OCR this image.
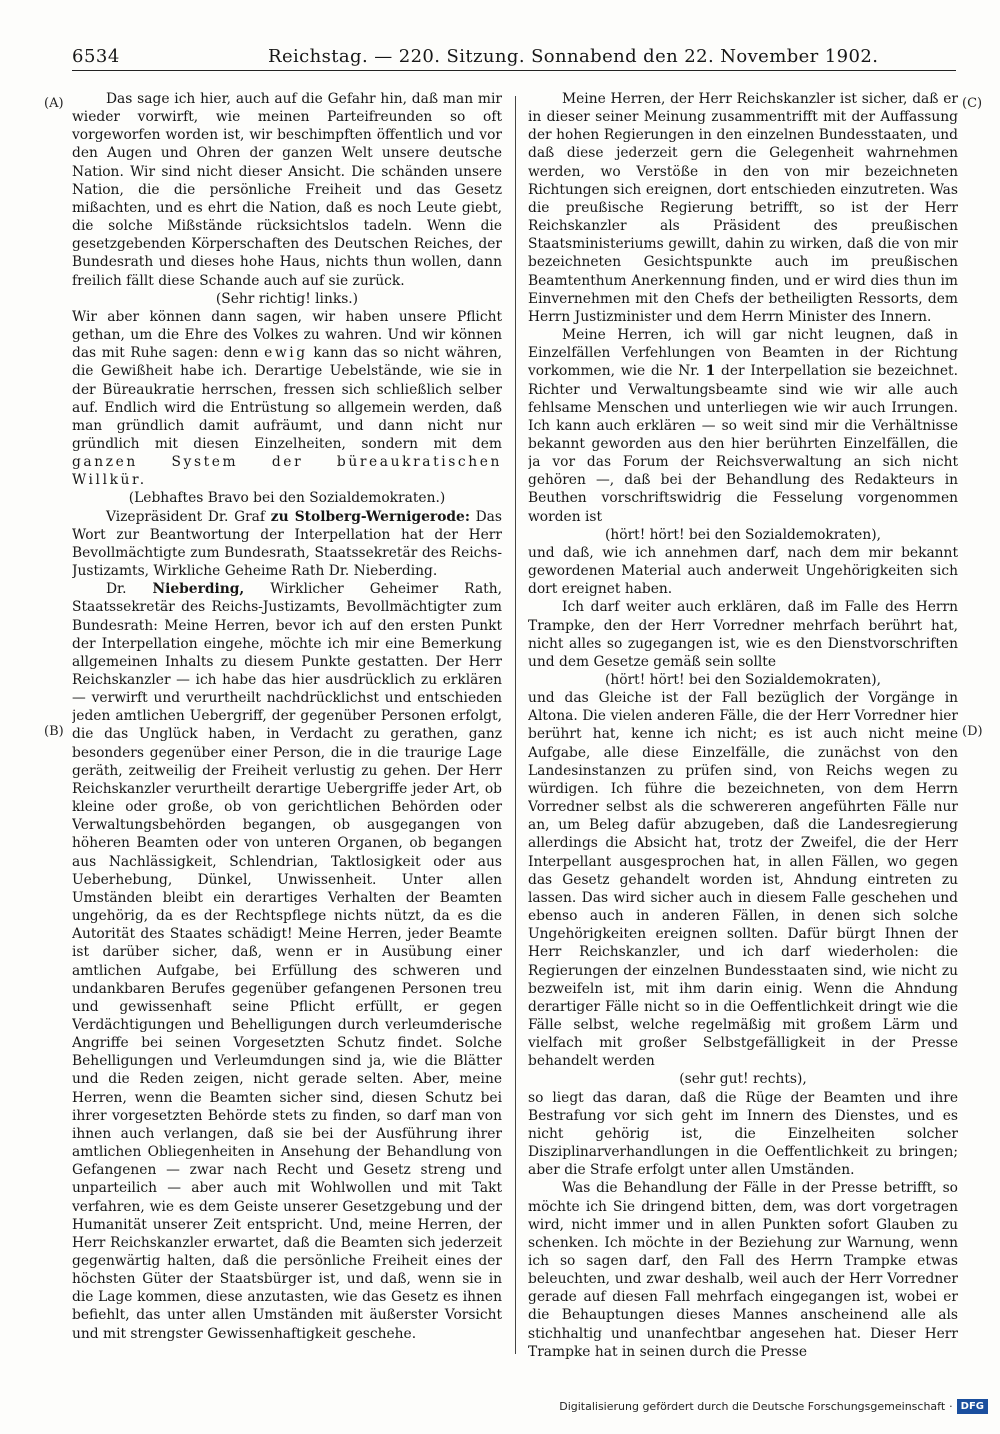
6534	Reichstag. — 220. Sitzung. Sonnabend den 22. November 1902.
(A)
(B)
(C)
(D)

Das sage ich hier, auch auf die Gefahr hin, daß man mir wieder vorwirft, wie meinen Parteifreunden so oft vorgeworfen worden ist, wir beschimpften öffentlich und vor den Augen und Ohren der ganzen Welt unsere deutsche Nation. Wir sind nicht dieser Ansicht. Die schänden unsere Nation, die die persönliche Freiheit und das Gesetz mißachten, und es ehrt die Nation, daß es noch Leute giebt, die solche Mißstände rücksichtslos tadeln. Wenn die gesetzgebenden Körperschaften des Deutschen Reiches, der Bundesrath und dieses hohe Haus, nichts thun wollen, dann freilich fällt diese Schande auch auf sie zurück.

(Sehr richtig! links.)

Wir aber können dann sagen, wir haben unsere Pflicht gethan, um die Ehre des Volkes zu wahren. Und wir können das mit Ruhe sagen: denn ewig kann das so nicht währen, die Gewißheit habe ich. Derartige Uebelstände, wie sie in der Büreaukratie herrschen, fressen sich schließlich selber auf. Endlich wird die Entrüstung so allgemein werden, daß man gründlich damit aufräumt, und dann nicht nur gründlich mit diesen Einzelheiten, sondern mit dem ganzen System der büreaukratischen Willkür.

(Lebhaftes Bravo bei den Sozialdemokraten.)

Vizepräsident Dr. Graf zu Stolberg-Wernigerode: Das Wort zur Beantwortung der Interpellation hat der Herr Bevollmächtigte zum Bundesrath, Staatssekretär des Reichs-Justizamts, Wirkliche Geheime Rath Dr. Nieberding.

Dr. Nieberding, Wirklicher Geheimer Rath, Staatssekretär des Reichs-Justizamts, Bevollmächtigter zum Bundesrath: Meine Herren, bevor ich auf den ersten Punkt der Interpellation eingehe, möchte ich mir eine Bemerkung allgemeinen Inhalts zu diesem Punkte gestatten. Der Herr Reichskanzler — ich habe das hier ausdrücklich zu erklären — verwirft und verurtheilt nachdrücklichst und entschieden jeden amtlichen Uebergriff, der gegenüber Personen erfolgt, die das Unglück haben, in Verdacht zu gerathen, ganz besonders gegenüber einer Person, die in die traurige Lage geräth, zeitweilig der Freiheit verlustig zu gehen. Der Herr Reichskanzler verurtheilt derartige Uebergriffe jeder Art, ob kleine oder große, ob von gerichtlichen Behörden oder Verwaltungsbehörden begangen, ob ausgegangen von höheren Beamten oder von unteren Organen, ob begangen aus Nachlässigkeit, Schlendrian, Taktlosigkeit oder aus Ueberhebung, Dünkel, Unwissenheit. Unter allen Umständen bleibt ein derartiges Verhalten der Beamten ungehörig, da es der Rechtspflege nichts nützt, da es die Autorität des Staates schädigt! Meine Herren, jeder Beamte ist darüber sicher, daß, wenn er in Ausübung einer amtlichen Aufgabe, bei Erfüllung des schweren und undankbaren Berufes gegenüber gefangenen Personen treu und gewissenhaft seine Pflicht erfüllt, er gegen Verdächtigungen und Behelligungen durch verleumderische Angriffe bei seinen Vorgesetzten Schutz findet. Solche Behelligungen und Verleumdungen sind ja, wie die Blätter und die Reden zeigen, nicht gerade selten. Aber, meine Herren, wenn die Beamten sicher sind, diesen Schutz bei ihrer vorgesetzten Behörde stets zu finden, so darf man von ihnen auch verlangen, daß sie bei der Ausführung ihrer amtlichen Obliegenheiten in Ansehung der Behandlung von Gefangenen — zwar nach Recht und Gesetz streng und unparteilich — aber auch mit Wohlwollen und mit Takt verfahren, wie es dem Geiste unserer Gesetzgebung und der Humanität unserer Zeit entspricht. Und, meine Herren, der Herr Reichskanzler erwartet, daß die Beamten sich jederzeit gegenwärtig halten, daß die persönliche Freiheit eines der höchsten Güter der Staatsbürger ist, und daß, wenn sie in die Lage kommen, diese anzutasten, wie das Gesetz es ihnen befiehlt, das unter allen Umständen mit äußerster Vorsicht und mit strengster Gewissenhaftigkeit geschehe.

Meine Herren, der Herr Reichskanzler ist sicher, daß er in dieser seiner Meinung zusammentrifft mit der Auffassung der hohen Regierungen in den einzelnen Bundesstaaten, und daß diese jederzeit gern die Gelegenheit wahrnehmen werden, wo Verstöße in den von mir bezeichneten Richtungen sich ereignen, dort entschieden einzutreten. Was die preußische Regierung betrifft, so ist der Herr Reichskanzler als Präsident des preußischen Staatsministeriums gewillt, dahin zu wirken, daß die von mir bezeichneten Gesichtspunkte auch im preußischen Beamtenthum Anerkennung finden, und er wird dies thun im Einvernehmen mit den Chefs der betheiligten Ressorts, dem Herrn Justizminister und dem Herrn Minister des Innern.

Meine Herren, ich will gar nicht leugnen, daß in Einzelfällen Verfehlungen von Beamten in der Richtung vorkommen, wie die Nr. 1 der Interpellation sie bezeichnet. Richter und Verwaltungsbeamte sind wie wir alle auch fehlsame Menschen und unterliegen wie wir auch Irrungen. Ich kann auch erklären — so weit sind mir die Verhältnisse bekannt geworden aus den hier berührten Einzelfällen, die ja vor das Forum der Reichsverwaltung an sich nicht gehören —, daß bei der Behandlung des Redakteurs in Beuthen vorschriftswidrig die Fesselung vorgenommen worden ist

(hört! hört! bei den Sozialdemokraten),

und daß, wie ich annehmen darf, nach dem mir bekannt gewordenen Material auch anderweit Ungehörigkeiten sich dort ereignet haben.

Ich darf weiter auch erklären, daß im Falle des Herrn Trampke, den der Herr Vorredner mehrfach berührt hat, nicht alles so zugegangen ist, wie es den Dienstvorschriften und dem Gesetze gemäß sein sollte

(hört! hört! bei den Sozialdemokraten),

und das Gleiche ist der Fall bezüglich der Vorgänge in Altona. Die vielen anderen Fälle, die der Herr Vorredner hier berührt hat, kenne ich nicht; es ist auch nicht meine Aufgabe, alle diese Einzelfälle, die zunächst von den Landesinstanzen zu prüfen sind, von Reichs wegen zu würdigen. Ich führe die bezeichneten, von dem Herrn Vorredner selbst als die schwereren angeführten Fälle nur an, um Beleg dafür abzugeben, daß die Landesregierung allerdings die Absicht hat, trotz der Zweifel, die der Herr Interpellant ausgesprochen hat, in allen Fällen, wo gegen das Gesetz gehandelt worden ist, Ahndung eintreten zu lassen. Das wird sicher auch in diesem Falle geschehen und ebenso auch in anderen Fällen, in denen sich solche Ungehörigkeiten ereignen sollten. Dafür bürgt Ihnen der Herr Reichskanzler, und ich darf wiederholen: die Regierungen der einzelnen Bundesstaaten sind, wie nicht zu bezweifeln ist, mit ihm darin einig. Wenn die Ahndung derartiger Fälle nicht so in die Oeffentlichkeit dringt wie die Fälle selbst, welche regelmäßig mit großem Lärm und vielfach mit großer Selbstgefälligkeit in der Presse behandelt werden

(sehr gut! rechts),

so liegt das daran, daß die Rüge der Beamten und ihre Bestrafung vor sich geht im Innern des Dienstes, und es nicht gehörig ist, die Einzelheiten solcher Disziplinarverhandlungen in die Oeffentlichkeit zu bringen; aber die Strafe erfolgt unter allen Umständen.

Was die Behandlung der Fälle in der Presse betrifft, so möchte ich Sie dringend bitten, dem, was dort vorgetragen wird, nicht immer und in allen Punkten sofort Glauben zu schenken. Ich möchte in der Beziehung zur Warnung, wenn ich so sagen darf, den Fall des Herrn Trampke etwas beleuchten, und zwar deshalb, weil auch der Herr Vorredner gerade auf diesen Fall mehrfach eingegangen ist, wobei er die Behauptungen dieses Mannes anscheinend alle als stichhaltig und unanfechtbar angesehen hat. Dieser Herr Trampke hat in seinen durch die Presse

Digitalisierung gefördert durch die Deutsche Forschungsgemeinschaft · DFG
